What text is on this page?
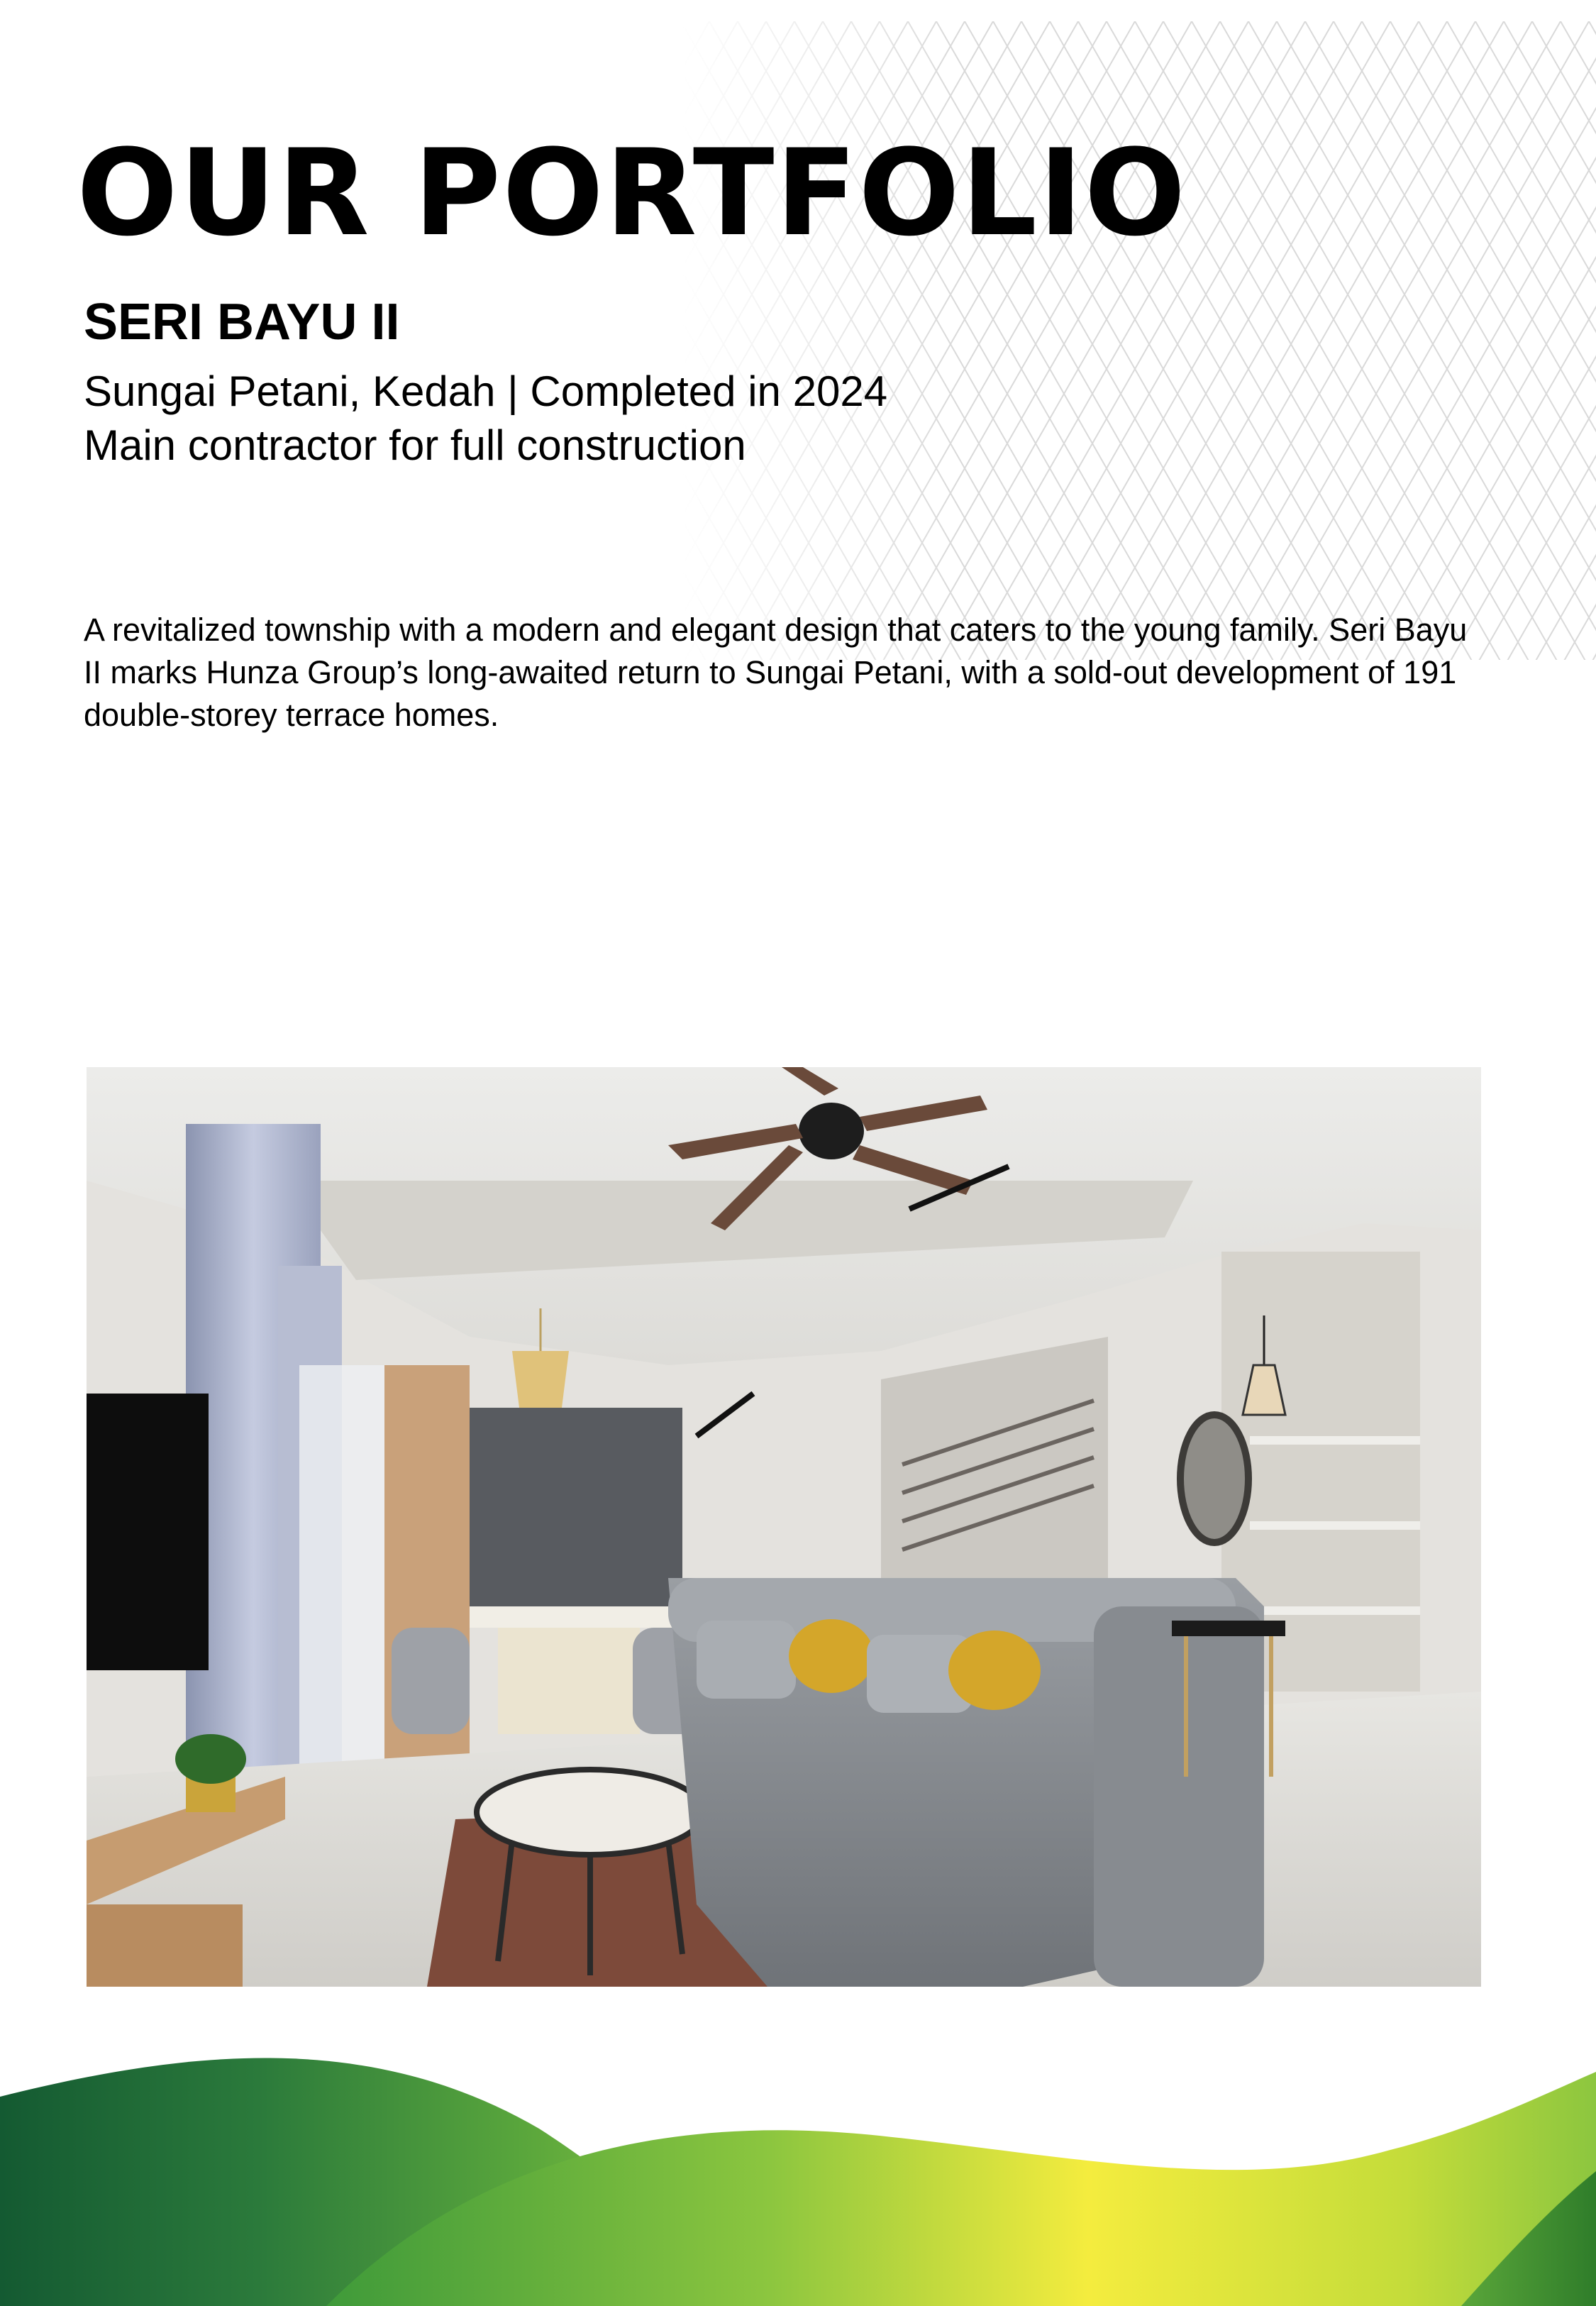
OUR PORTFOLIO
SERI BAYU II
Sungai Petani, Kedah | Completed in 2024
Main contractor for full construction
A revitalized township with a modern and elegant design that caters to the young family. Seri Bayu II marks Hunza Group’s long-awaited return to Sungai Petani, with a sold-out development of 191 double-storey terrace homes.
